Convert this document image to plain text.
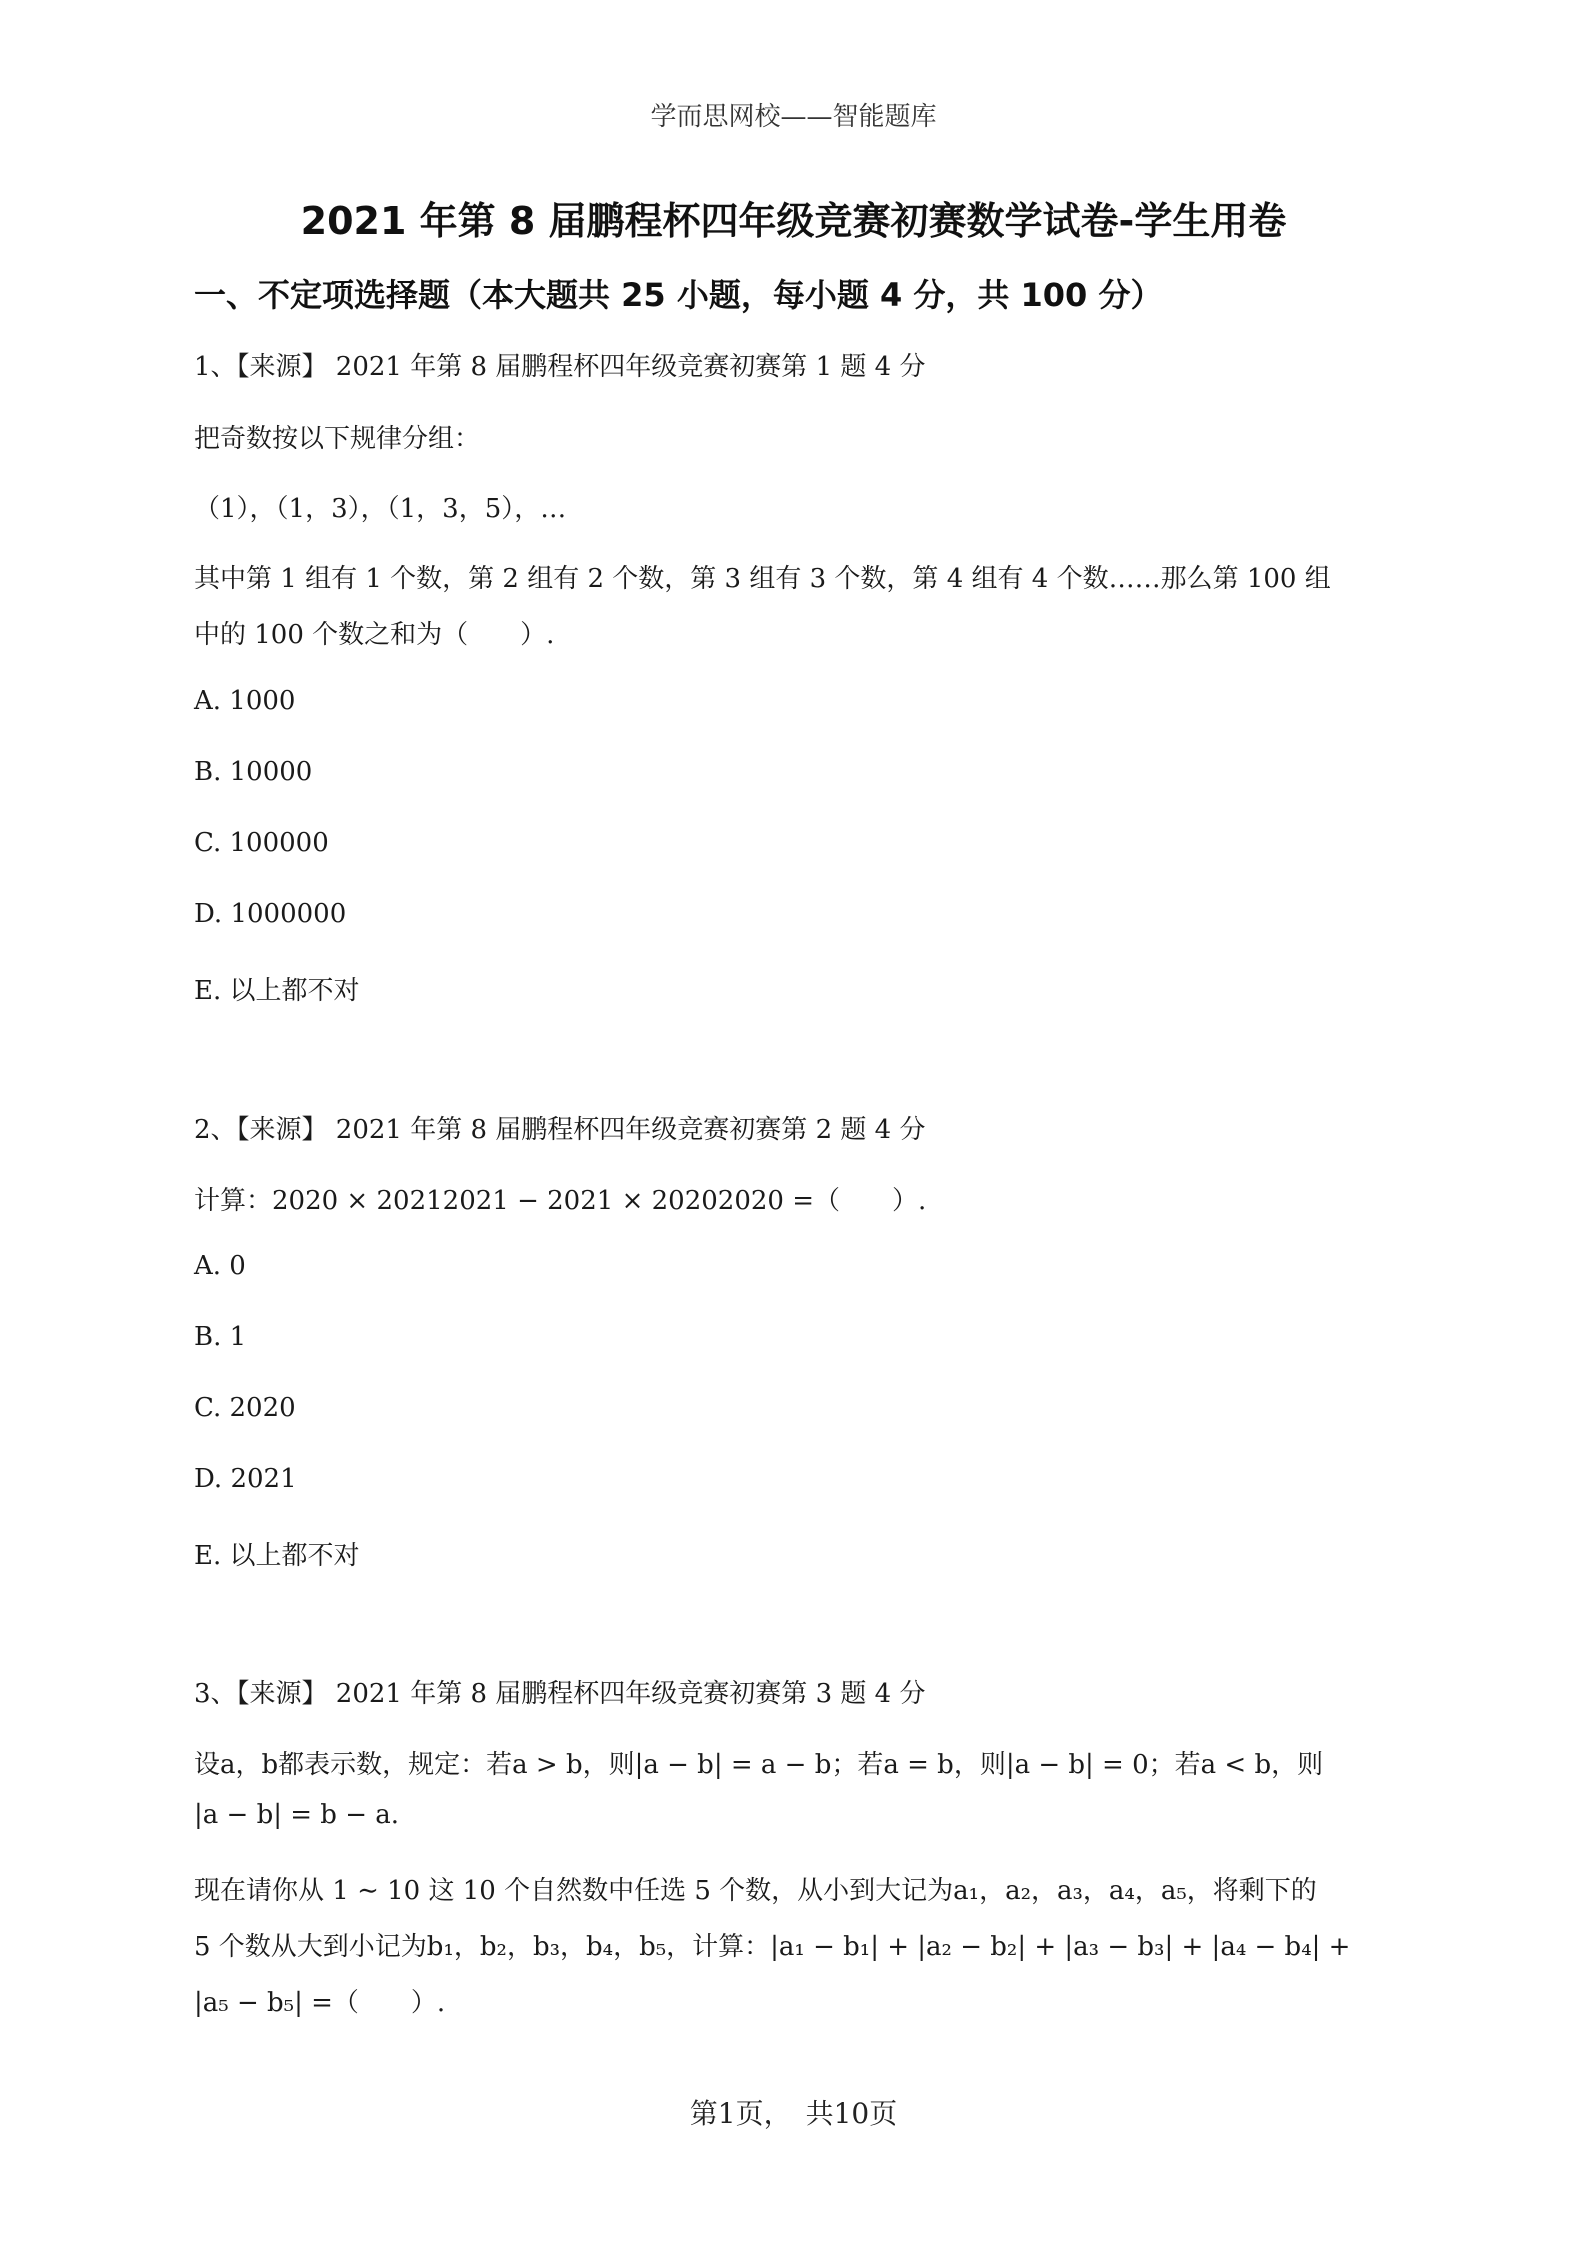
学而思网校——智能题库
2021 年第 8 届鹏程杯四年级竞赛初赛数学试卷-学生用卷
一、不定项选择题（本大题共 25 小题，每小题 4 分，共 100 分）
1、【来源】 2021 年第 8 届鹏程杯四年级竞赛初赛第 1 题 4 分
把奇数按以下规律分组：
（1），（1，3），（1，3，5），…
其中第 1 组有 1 个数，第 2 组有 2 个数，第 3 组有 3 个数，第 4 组有 4 个数……那么第 100 组
中的 100 个数之和为（　　）.
A. 1000
B. 10000
C. 100000
D. 1000000
E. 以上都不对
2、【来源】 2021 年第 8 届鹏程杯四年级竞赛初赛第 2 题 4 分
计算：2020 × 20212021 − 2021 × 20202020 =（　　）.
A. 0
B. 1
C. 2020
D. 2021
E. 以上都不对
3、【来源】 2021 年第 8 届鹏程杯四年级竞赛初赛第 3 题 4 分
设a，b都表示数，规定：若a > b，则|a − b| = a − b；若a = b，则|a − b| = 0；若a < b，则
|a − b| = b − a.
现在请你从 1 ∼ 10 这 10 个自然数中任选 5 个数，从小到大记为a₁，a₂，a₃，a₄，a₅，将剩下的
5 个数从大到小记为b₁，b₂，b₃，b₄，b₅，计算：|a₁ − b₁| + |a₂ − b₂| + |a₃ − b₃| + |a₄ − b₄| +
|a₅ − b₅| =（　　）.
第1页，　共10页
